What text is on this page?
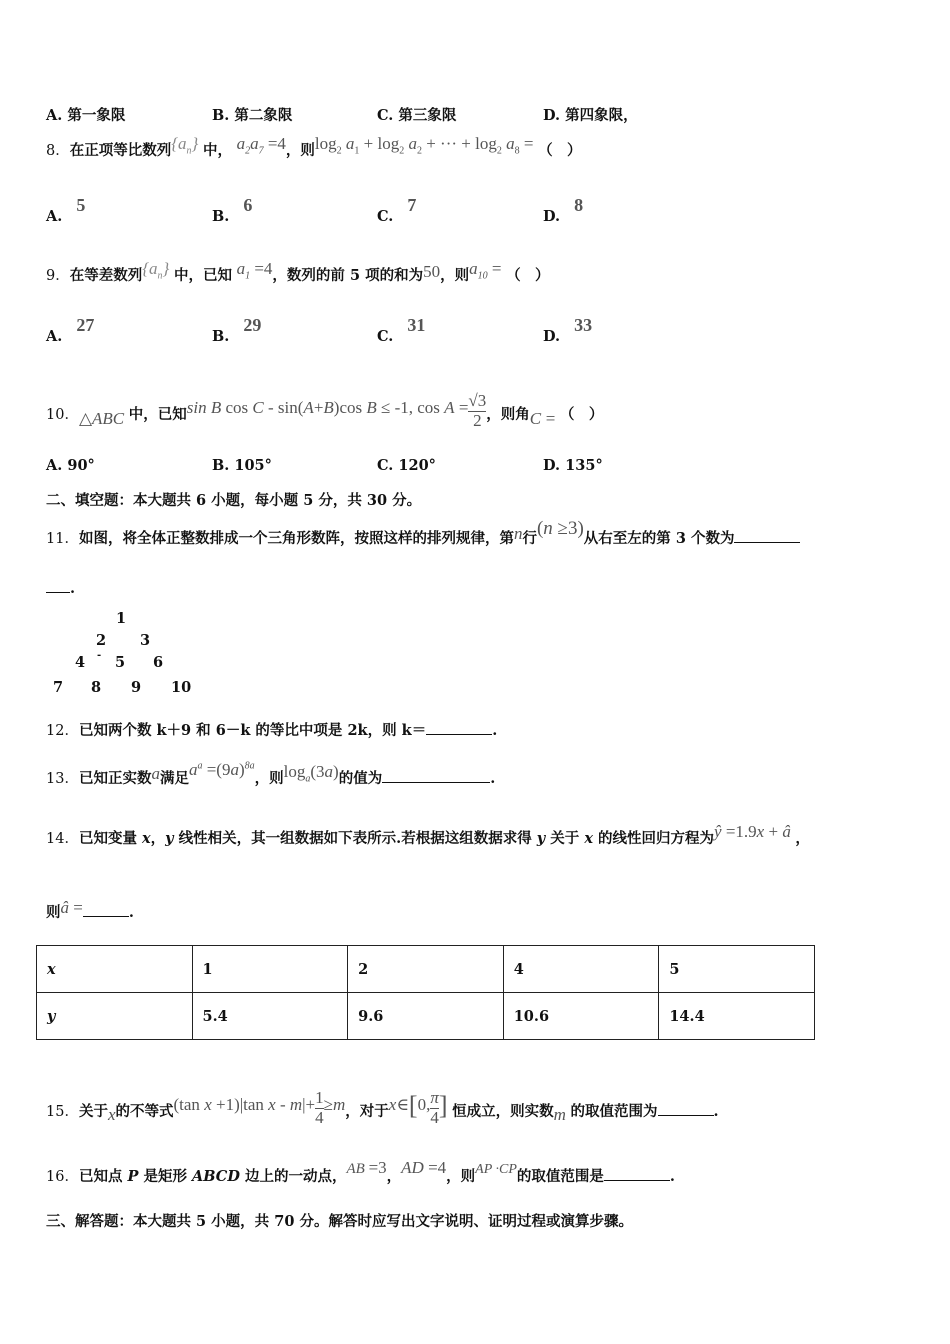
A. 第一象限	B. 第二象限	C. 第三象限	D. 第四象限，
8．在正项等比数列$\{a_n\}$ 中， $a_2a_7 =4$，则$\log_2 a_1 + \log_2 a_2$ + ··· + $\log_2 a_8$ = （　）
A.5
B.6
C.7
D.8
9．在等差数列$\{a_n\}$ 中，已知 $a_1 =4$，数列的前 5 项的和为50，则$a_{10}$ = （　）
A.27
B.29
C.31
D.33
10．△ABC 中，已知sin B cos C - sin(A+B)cos B ≤ -1, $\cos A = \frac{√3}{2}$ ，则角C = （　）
A. 90°	B. 105°	C. 120°	D. 135°
二、填空题：本大题共 6 小题，每小题 5 分，共 30 分。
11．如图，将全体正整数排成一个三角形数阵，按照这样的排列规律，第n行(n ≥3)从右至左的第 3 个数为
.
1
2 3
4 - 5 6
7 8 9 10
12．已知两个数 k＋9 和 6－k 的等比中项是 2k，则 k＝	.
13．已知正实数a满足$a^a =(9a)^{8a}$，则$\log_a(3a)$的值为	.
14．已知变量 x，y 线性相关，其一组数据如下表所示.若根据这组数据求得 y 关于 x 的线性回归方程为ŷ =1.9x + â ，
则â =	.
x	1	2	4	5
y	5.4	9.6	10.6	14.4
15．关于x的不等式(tan x +1)|tan $x - m|+ \frac{1}{4} \ge m$，对于x∈[0, $\frac{\pi}{4}$ ] 恒成立，则实数m 的取值范围为	.
16．已知点 P 是矩形 ABCD 边上的一动点，AB =3，AD =4，则AP ·CP的取值范围是	.
三、解答题：本大题共 5 小题，共 70 分。解答时应写出文字说明、证明过程或演算步骤。
